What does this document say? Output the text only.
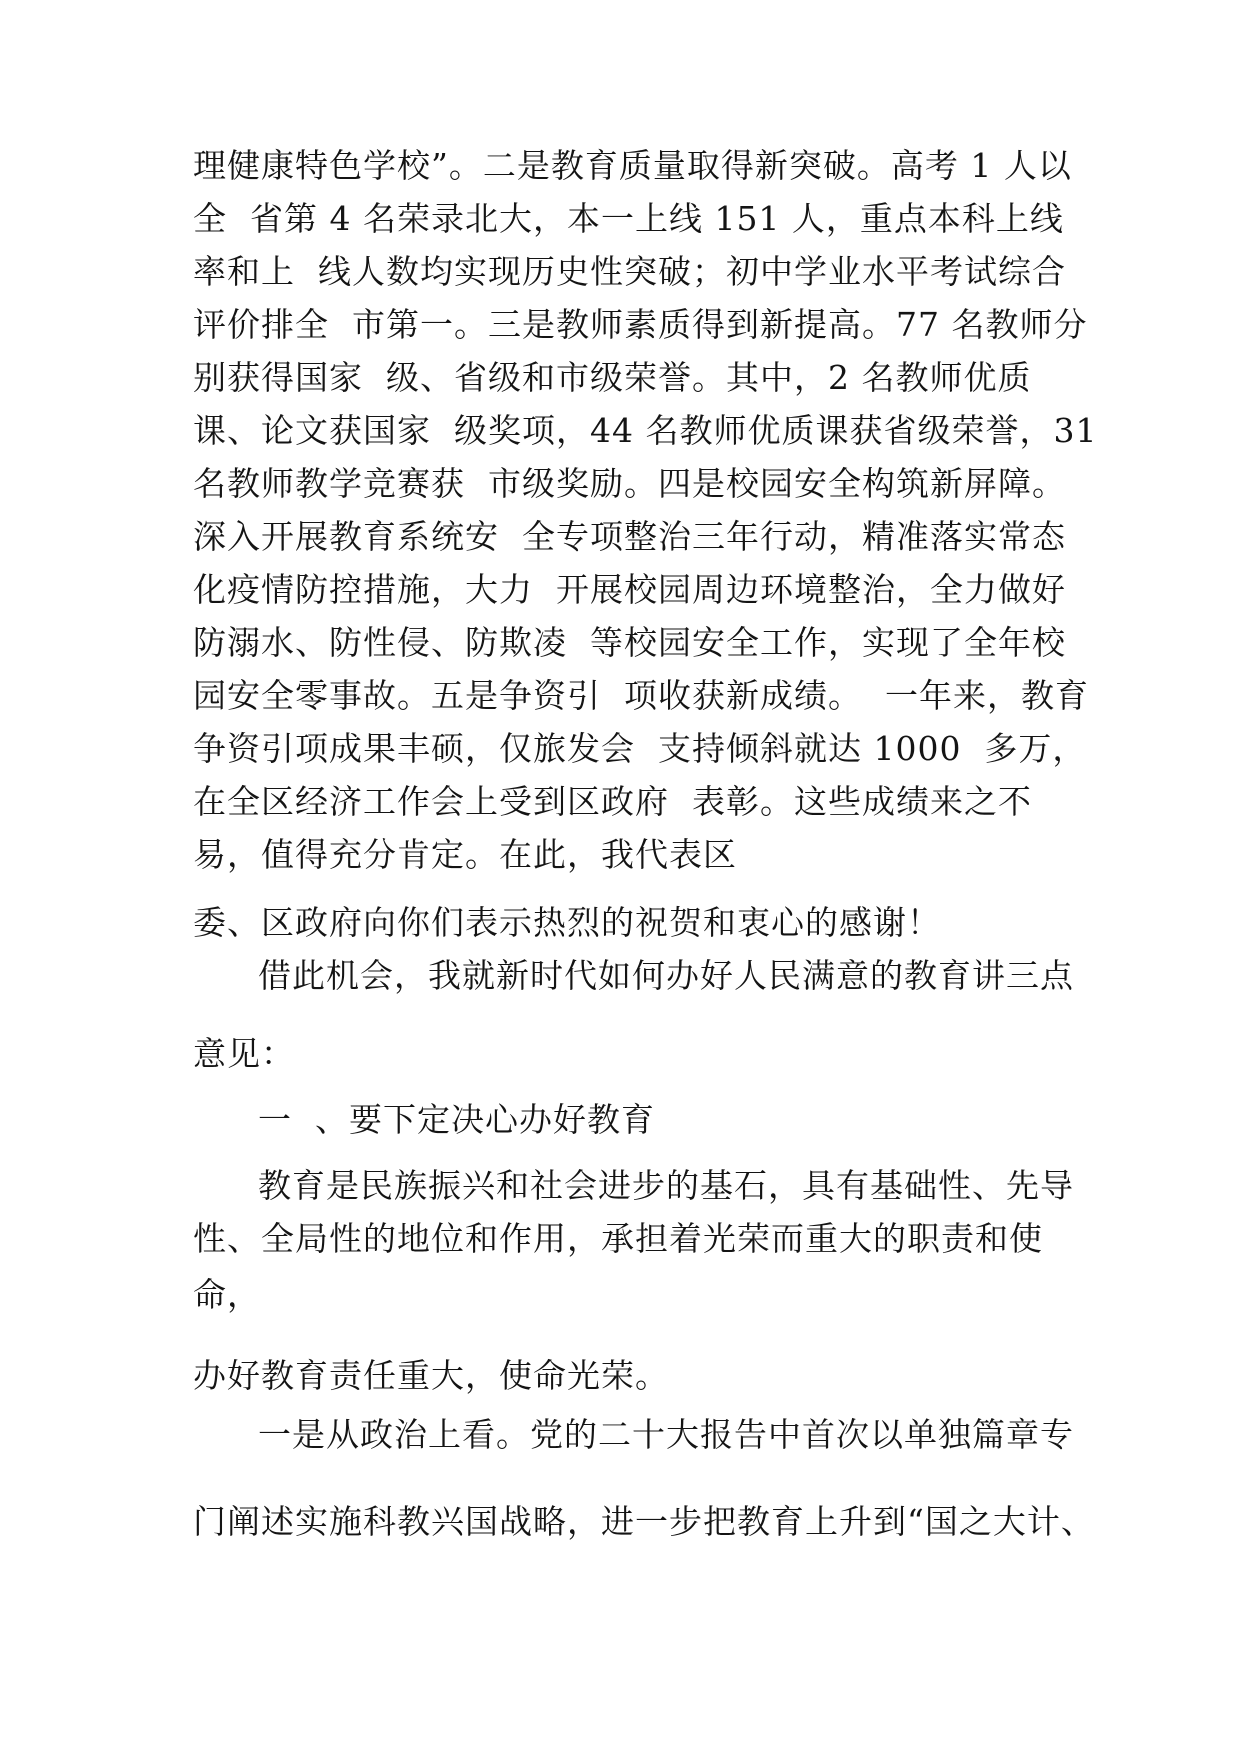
理健康特色学校”。二是教育质量取得新突破。高考 1 人以
全  省第 4 名荣录北大，本一上线 151 人，重点本科上线
率和上  线人数均实现历史性突破；初中学业水平考试综合
评价排全  市第一。三是教师素质得到新提高。77 名教师分
别获得国家  级、省级和市级荣誉。其中，2 名教师优质
课、论文获国家  级奖项，44 名教师优质课获省级荣誉，31
名教师教学竞赛获  市级奖励。四是校园安全构筑新屏障。
深入开展教育系统安  全专项整治三年行动，精准落实常态
化疫情防控措施，大力  开展校园周边环境整治，全力做好
防溺水、防性侵、防欺凌  等校园安全工作，实现了全年校
园安全零事故。五是争资引  项收获新成绩。  一年来，教育
争资引项成果丰硕，仅旅发会  支持倾斜就达 1000  多万，
在全区经济工作会上受到区政府  表彰。这些成绩来之不
易，值得充分肯定。在此，我代表区
委、区政府向你们表示热烈的祝贺和衷心的感谢！
借此机会，我就新时代如何办好人民满意的教育讲三点
意见：
一  、要下定决心办好教育
教育是民族振兴和社会进步的基石，具有基础性、先导
性、全局性的地位和作用，承担着光荣而重大的职责和使
命，
办好教育责任重大，使命光荣。
一是从政治上看。党的二十大报告中首次以单独篇章专
门阐述实施科教兴国战略，进一步把教育上升到“国之大计、
